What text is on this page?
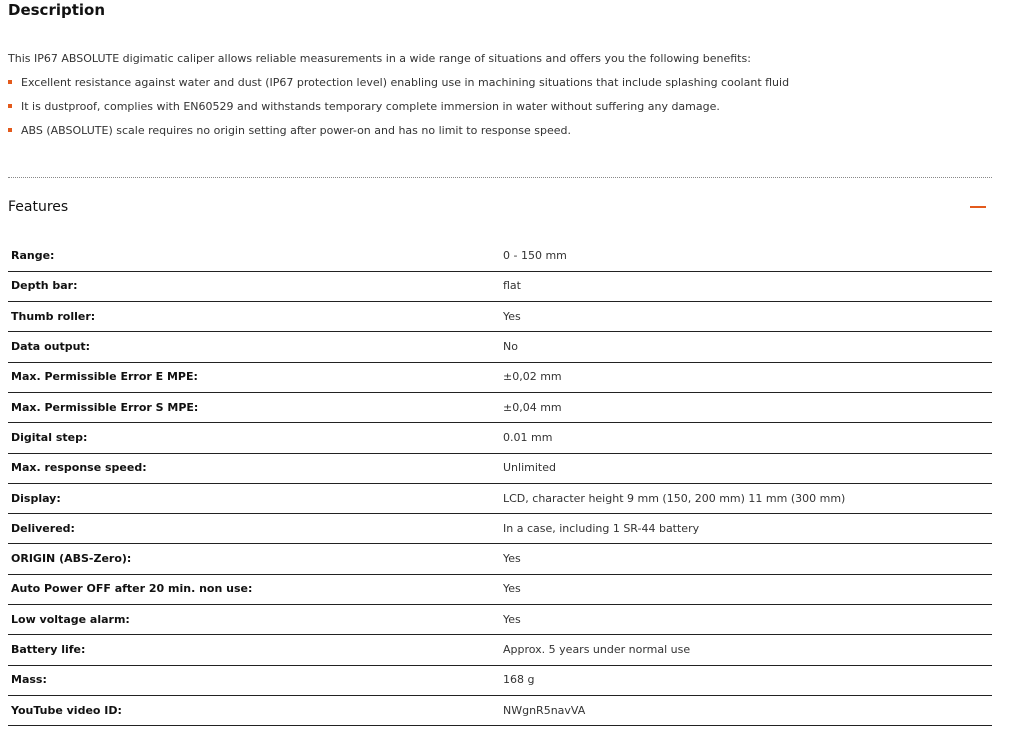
Description
This IP67 ABSOLUTE digimatic caliper allows reliable measurements in a wide range of situations and offers you the following benefits:
Excellent resistance against water and dust (IP67 protection level) enabling use in machining situations that include splashing coolant fluid
It is dustproof, complies with EN60529 and withstands temporary complete immersion in water without suffering any damage.
ABS (ABSOLUTE) scale requires no origin setting after power-on and has no limit to response speed.
Features
Range:	0 - 150 mm
Depth bar:	flat
Thumb roller:	Yes
Data output:	No
Max. Permissible Error E MPE:	±0,02 mm
Max. Permissible Error S MPE:	±0,04 mm
Digital step:	0.01 mm
Max. response speed:	Unlimited
Display:	LCD, character height 9 mm (150, 200 mm) 11 mm (300 mm)
Delivered:	In a case, including 1 SR-44 battery
ORIGIN (ABS-Zero):	Yes
Auto Power OFF after 20 min. non use:	Yes
Low voltage alarm:	Yes
Battery life:	Approx. 5 years under normal use
Mass:	168 g
YouTube video ID:	NWgnR5navVA
